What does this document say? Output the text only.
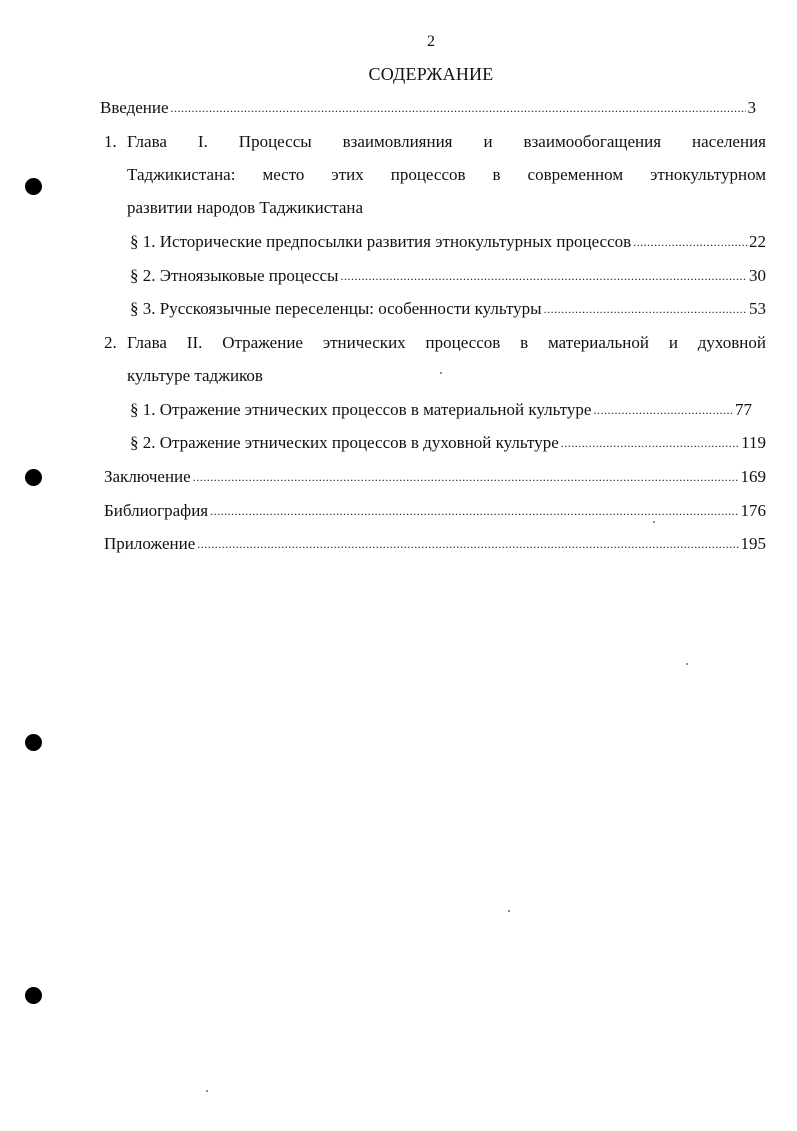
2
СОДЕРЖАНИЕ
Введение .....	3
1. Глава I. Процессы взаимовлияния и взаимообогащения населения
Таджикистана: место этих процессов в современном этнокультурном
развитии народов Таджикистана
§ 1. Исторические предпосылки развития этнокультурных процессов .....	22
§ 2. Этноязыковые процессы .....	30
§ 3. Русскоязычные переселенцы: особенности культуры .....	53
2. Глава II. Отражение этнических процессов в материальной и духовной
культуре таджиков
§ 1. Отражение этнических процессов в материальной культуре .....	77
§ 2. Отражение этнических процессов в духовной культуре .....	119
Заключение .....	169
Библиография .....	176
Приложение .....	195
